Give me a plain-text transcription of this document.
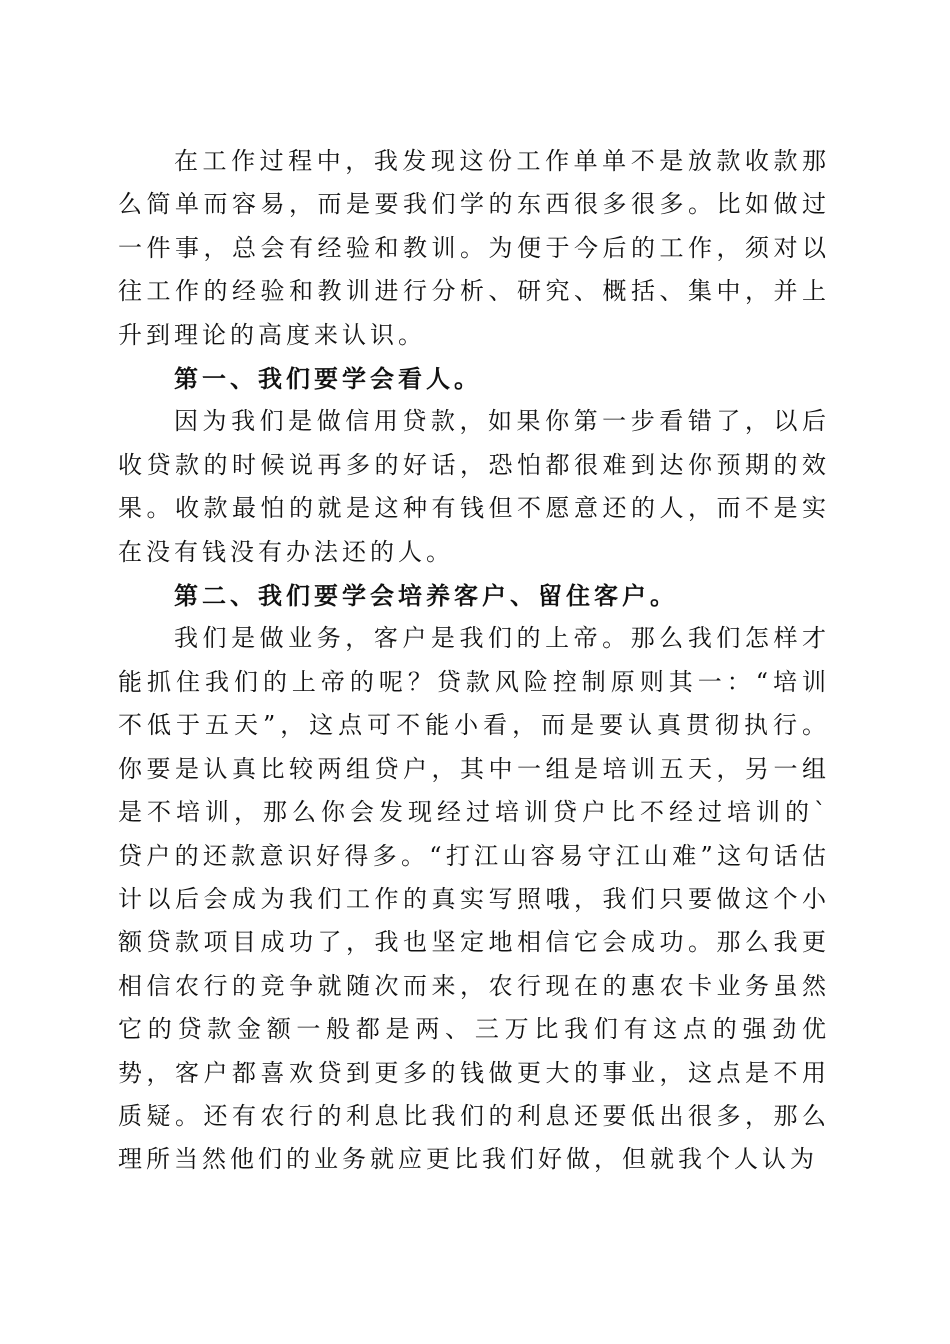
在工作过程中，我发现这份工作单单不是放款收款那么简单而容易，而是要我们学的东西很多很多。比如做过一件事，总会有经验和教训。为便于今后的工作，须对以往工作的经验和教训进行分析、研究、概括、集中，并上升到理论的高度来认识。

第一、我们要学会看人。

因为我们是做信用贷款，如果你第一步看错了，以后收贷款的时候说再多的好话，恐怕都很难到达你预期的效果。收款最怕的就是这种有钱但不愿意还的人，而不是实在没有钱没有办法还的人。

第二、我们要学会培养客户、留住客户。

我们是做业务，客户是我们的上帝。那么我们怎样才能抓住我们的上帝的呢？贷款风险控制原则其一：“培训不低于五天”，这点可不能小看，而是要认真贯彻执行。你要是认真比较两组贷户，其中一组是培训五天，另一组是不培训，那么你会发现经过培训贷户比不经过培训的`贷户的还款意识好得多。“打江山容易守江山难”这句话估计以后会成为我们工作的真实写照哦，我们只要做这个小额贷款项目成功了，我也坚定地相信它会成功。那么我更相信农行的竞争就随次而来，农行现在的惠农卡业务虽然它的贷款金额一般都是两、三万比我们有这点的强劲优势，客户都喜欢贷到更多的钱做更大的事业，这点是不用质疑。还有农行的利息比我们的利息还要低出很多，那么理所当然他们的业务就应更比我们好做，但就我个人认为
